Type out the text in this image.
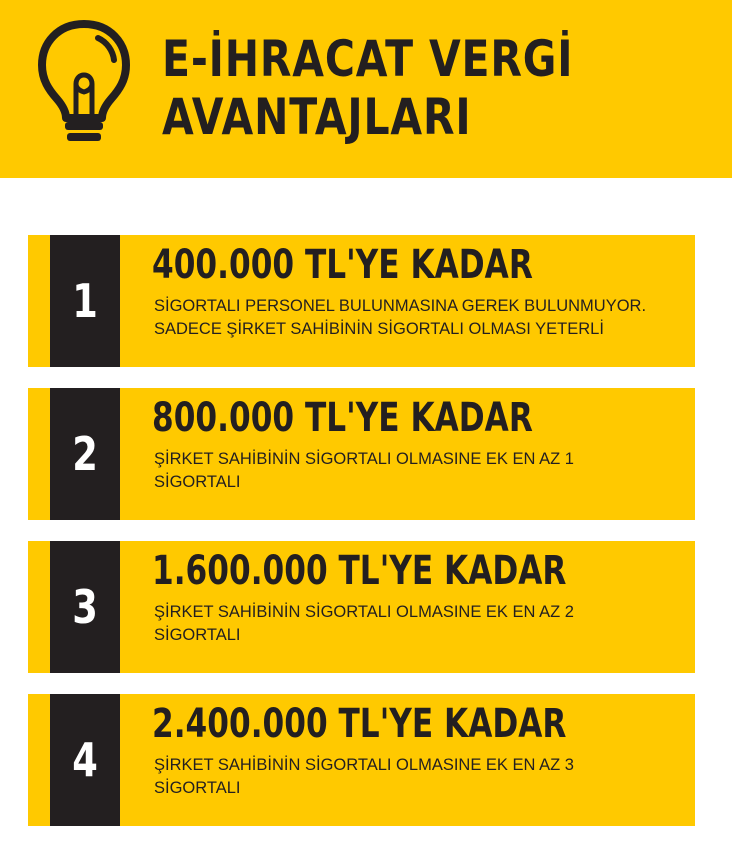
E-İHRACAT VERGİ
AVANTAJLARI
1
400.000 TL'YE KADAR
SİGORTALI PERSONEL BULUNMASINA GEREK BULUNMUYOR. SADECE ŞİRKET SAHİBİNİN SİGORTALI OLMASI YETERLİ
2
800.000 TL'YE KADAR
ŞİRKET SAHİBİNİN SİGORTALI OLMASINE EK EN AZ 1 SİGORTALI
3
1.600.000 TL'YE KADAR
ŞİRKET SAHİBİNİN SİGORTALI OLMASINE EK EN AZ 2 SİGORTALI
4
2.400.000 TL'YE KADAR
ŞİRKET SAHİBİNİN SİGORTALI OLMASINE EK EN AZ 3 SİGORTALI
